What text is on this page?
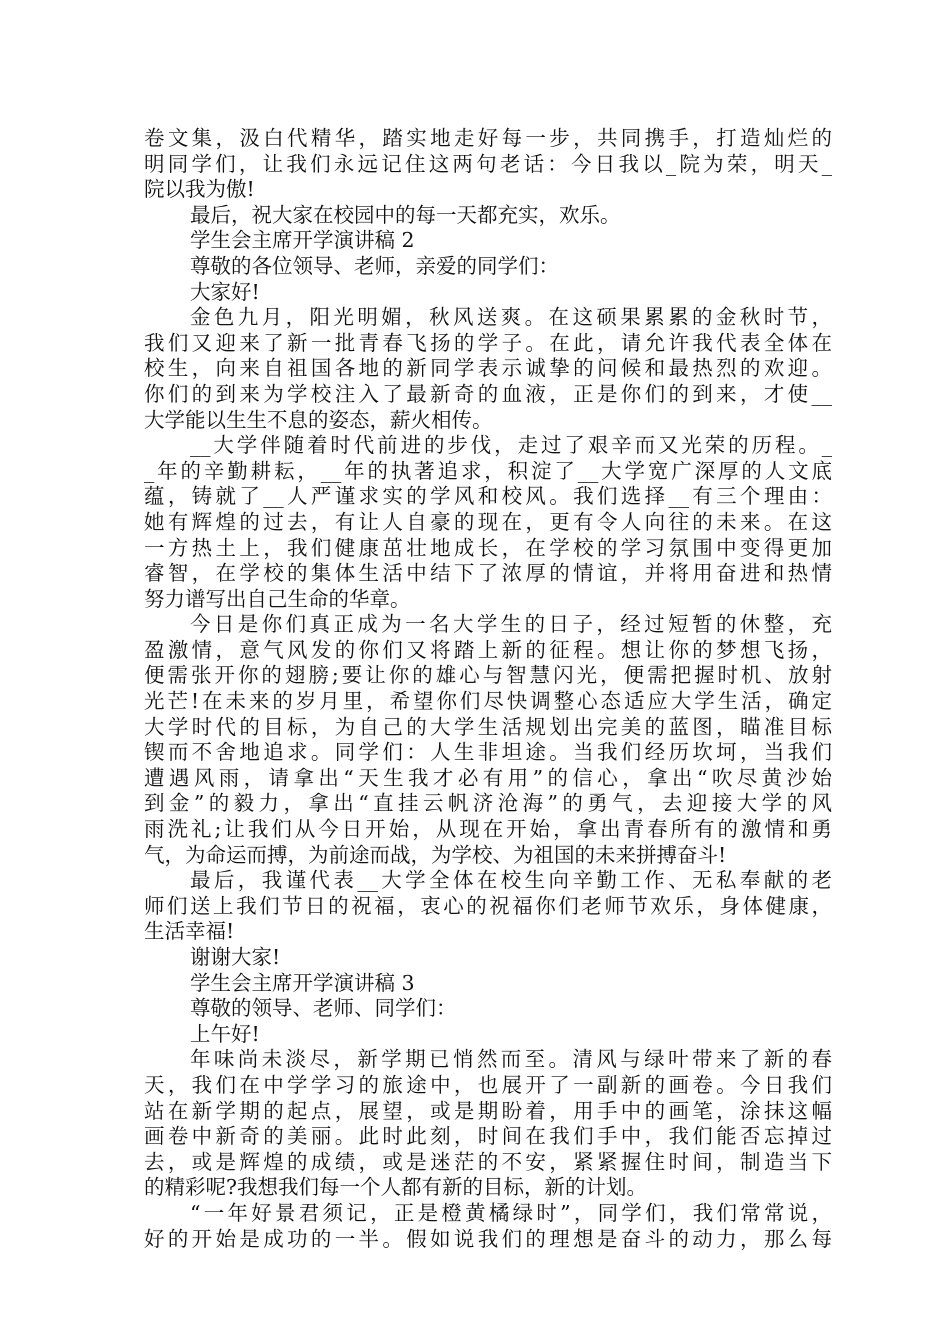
卷文集，汲白代精华，踏实地走好每一步，共同携手，打造灿烂的
明同学们，让我们永远记住这两句老话：今日我以_院为荣，明天_
院以我为傲!
最后，祝大家在校园中的每一天都充实，欢乐。
学生会主席开学演讲稿 2
尊敬的各位领导、老师，亲爱的同学们：
大家好!
金色九月，阳光明媚，秋风送爽。在这硕果累累的金秋时节，
我们又迎来了新一批青春飞扬的学子。在此，请允许我代表全体在
校生，向来自祖国各地的新同学表示诚挚的问候和最热烈的欢迎。
你们的到来为学校注入了最新奇的血液，正是你们的到来，才使__
大学能以生生不息的姿态，薪火相传。
__大学伴随着时代前进的步伐，走过了艰辛而又光荣的历程。_
_年的辛勤耕耘，__年的执著追求，积淀了__大学宽广深厚的人文底
蕴，铸就了__人严谨求实的学风和校风。我们选择__有三个理由：
她有辉煌的过去，有让人自豪的现在，更有令人向往的未来。在这
一方热土上，我们健康茁壮地成长，在学校的学习氛围中变得更加
睿智，在学校的集体生活中结下了浓厚的情谊，并将用奋进和热情
努力谱写出自己生命的华章。
今日是你们真正成为一名大学生的日子，经过短暂的休整，充
盈激情，意气风发的你们又将踏上新的征程。想让你的梦想飞扬，
便需张开你的翅膀;要让你的雄心与智慧闪光，便需把握时机、放射
光芒!在未来的岁月里，希望你们尽快调整心态适应大学生活，确定
大学时代的目标，为自己的大学生活规划出完美的蓝图，瞄准目标
锲而不舍地追求。同学们：人生非坦途。当我们经历坎坷，当我们
遭遇风雨，请拿出“天生我才必有用”的信心，拿出“吹尽黄沙始
到金”的毅力，拿出“直挂云帆济沧海”的勇气，去迎接大学的风
雨洗礼;让我们从今日开始，从现在开始，拿出青春所有的激情和勇
气，为命运而搏，为前途而战，为学校、为祖国的未来拼搏奋斗!
最后，我谨代表__大学全体在校生向辛勤工作、无私奉献的老
师们送上我们节日的祝福，衷心的祝福你们老师节欢乐，身体健康，
生活幸福!
谢谢大家!
学生会主席开学演讲稿 3
尊敬的领导、老师、同学们：
上午好!
年味尚未淡尽，新学期已悄然而至。清风与绿叶带来了新的春
天，我们在中学学习的旅途中，也展开了一副新的画卷。今日我们
站在新学期的起点，展望，或是期盼着，用手中的画笔，涂抹这幅
画卷中新奇的美丽。此时此刻，时间在我们手中，我们能否忘掉过
去，或是辉煌的成绩，或是迷茫的不安，紧紧握住时间，制造当下
的精彩呢?我想我们每一个人都有新的目标，新的计划。
“一年好景君须记，正是橙黄橘绿时”，同学们，我们常常说，
好的开始是成功的一半。假如说我们的理想是奋斗的动力，那么每
